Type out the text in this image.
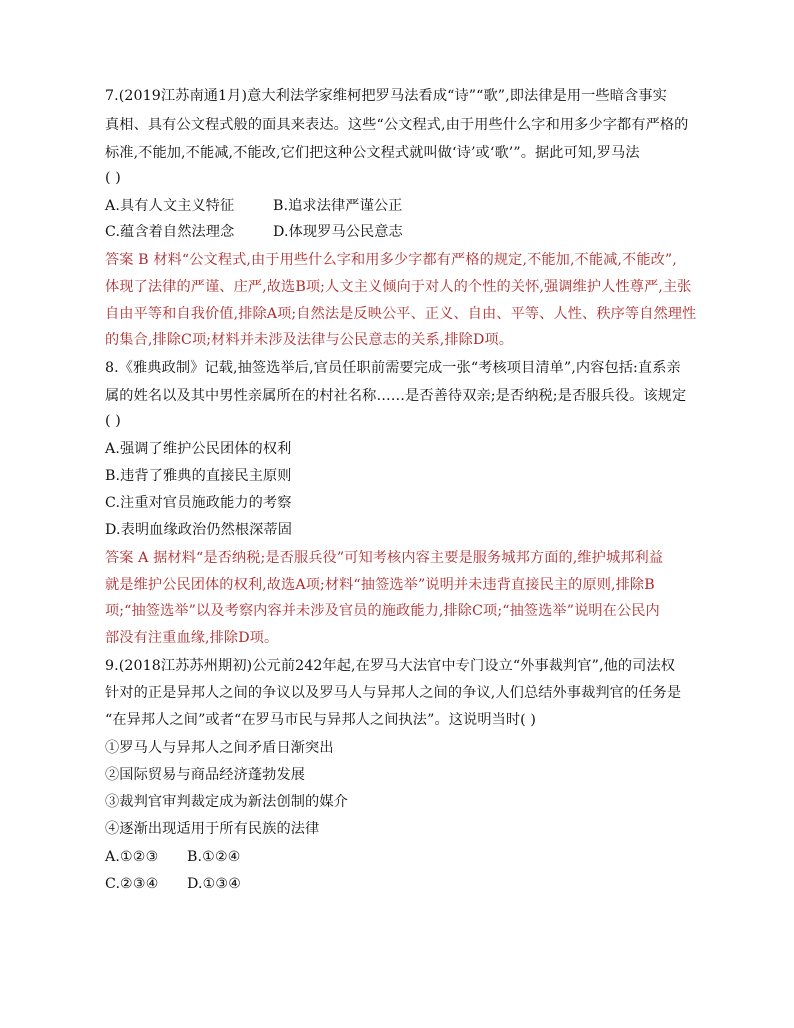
7.(2019江苏南通1月)意大利法学家维柯把罗马法看成“诗”“歌”,即法律是用一些暗含事实
真相、具有公文程式般的面具来表达。这些“公文程式,由于用些什么字和用多少字都有严格的
标准,不能加,不能减,不能改,它们把这种公文程式就叫做‘诗’或‘歌’”。据此可知,罗马法
( )
A.具有人文主义特征	B.追求法律严谨公正
C.蕴含着自然法理念	D.体现罗马公民意志
答案 B 材料“公文程式,由于用些什么字和用多少字都有严格的规定,不能加,不能减,不能改”,
体现了法律的严谨、庄严,故选B项;人文主义倾向于对人的个性的关怀,强调维护人性尊严,主张
自由平等和自我价值,排除A项;自然法是反映公平、正义、自由、平等、人性、秩序等自然理性
的集合,排除C项;材料并未涉及法律与公民意志的关系,排除D项。
8.《雅典政制》记载,抽签选举后,官员任职前需要完成一张“考核项目清单”,内容包括:直系亲
属的姓名以及其中男性亲属所在的村社名称……是否善待双亲;是否纳税;是否服兵役。该规定
( )
A.强调了维护公民团体的权利
B.违背了雅典的直接民主原则
C.注重对官员施政能力的考察
D.表明血缘政治仍然根深蒂固
答案 A 据材料“是否纳税;是否服兵役”可知考核内容主要是服务城邦方面的,维护城邦利益
就是维护公民团体的权利,故选A项;材料“抽签选举”说明并未违背直接民主的原则,排除B
项;“抽签选举”以及考察内容并未涉及官员的施政能力,排除C项;“抽签选举”说明在公民内
部没有注重血缘,排除D项。
9.(2018江苏苏州期初)公元前242年起,在罗马大法官中专门设立“外事裁判官”,他的司法权
针对的正是异邦人之间的争议以及罗马人与异邦人之间的争议,人们总结外事裁判官的任务是
“在异邦人之间”或者“在罗马市民与异邦人之间执法”。这说明当时( )
①罗马人与异邦人之间矛盾日渐突出
②国际贸易与商品经济蓬勃发展
③裁判官审判裁定成为新法创制的媒介
④逐渐出现适用于所有民族的法律
A.①②③ B.①②④
C.②③④ D.①③④
